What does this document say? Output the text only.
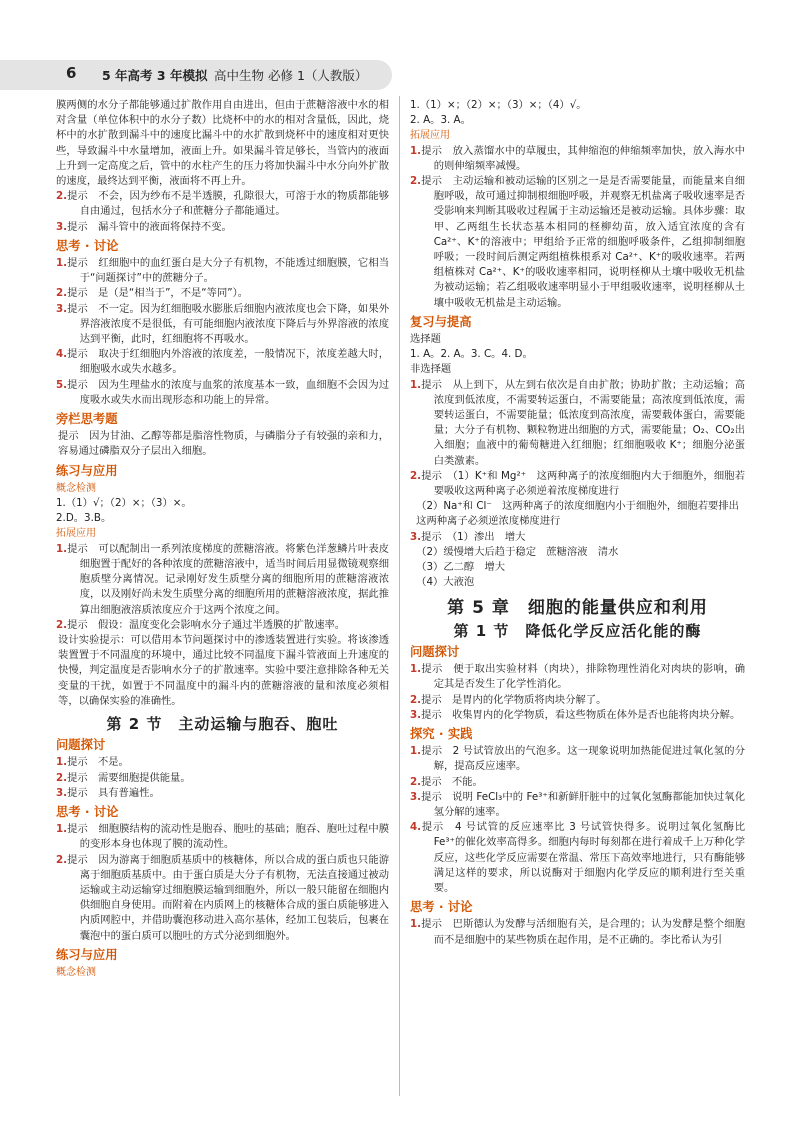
6 5 年高考 3 年模拟 高中生物 必修 1（人教版）

膜两侧的水分子都能够通过扩散作用自由进出，但由于蔗糖溶液中水的相对含量（单位体积中的水分子数）比烧杯中的水的相对含量低，因此，烧杯中的水扩散到漏斗中的速度比漏斗中的水扩散到烧杯中的速度相对更快些，导致漏斗中水量增加，液面上升。如果漏斗管足够长，当管内的液面上升到一定高度之后，管中的水柱产生的压力将加快漏斗中水分向外扩散的速度，最终达到平衡，液面将不再上升。

2.提示　不会，因为纱布不是半透膜，孔隙很大，可溶于水的物质都能够自由通过，包括水分子和蔗糖分子都能通过。

3.提示　漏斗管中的液面将保持不变。

思考 · 讨论

1.提示　红细胞中的血红蛋白是大分子有机物，不能透过细胞膜，它相当于“问题探讨”中的蔗糖分子。

2.提示　是（是“相当于”，不是“等同”）。

3.提示　不一定。因为红细胞吸水膨胀后细胞内液浓度也会下降，如果外界溶液浓度不是很低，有可能细胞内液浓度下降后与外界溶液的浓度达到平衡，此时，红细胞将不再吸水。

4.提示　取决于红细胞内外溶液的浓度差，一般情况下，浓度差越大时，细胞吸水或失水越多。

5.提示　因为生理盐水的浓度与血浆的浓度基本一致，血细胞不会因为过度吸水或失水而出现形态和功能上的异常。

旁栏思考题

提示　因为甘油、乙醇等都是脂溶性物质，与磷脂分子有较强的亲和力，容易通过磷脂双分子层出入细胞。

练习与应用

概念检测

1.（1）√；（2）×；（3）×。

2.D。3.B。

拓展应用

1.提示　可以配制出一系列浓度梯度的蔗糖溶液。将紫色洋葱鳞片叶表皮细胞置于配好的各种浓度的蔗糖溶液中，适当时间后用显微镜观察细胞质壁分离情况。记录刚好发生质壁分离的细胞所用的蔗糖溶液浓度，以及刚好尚未发生质壁分离的细胞所用的蔗糖溶液浓度，据此推算出细胞液溶质浓度应介于这两个浓度之间。

2.提示　假设：温度变化会影响水分子通过半透膜的扩散速率。

设计实验提示：可以借用本节问题探讨中的渗透装置进行实验。将该渗透装置置于不同温度的环境中，通过比较不同温度下漏斗管液面上升速度的快慢，判定温度是否影响水分子的扩散速率。实验中要注意排除各种无关变量的干扰，如置于不同温度中的漏斗内的蔗糖溶液的量和浓度必须相等，以确保实验的准确性。

第 2 节　主动运输与胞吞、胞吐
问题探讨

1.提示　不是。

2.提示　需要细胞提供能量。

3.提示　具有普遍性。

思考 · 讨论

1.提示　细胞膜结构的流动性是胞吞、胞吐的基础；胞吞、胞吐过程中膜的变形本身也体现了膜的流动性。

2.提示　因为游离于细胞质基质中的核糖体，所以合成的蛋白质也只能游离于细胞质基质中。由于蛋白质是大分子有机物，无法直接通过被动运输或主动运输穿过细胞膜运输到细胞外，所以一般只能留在细胞内供细胞自身使用。而附着在内质网上的核糖体合成的蛋白质能够进入内质网腔中，并借助囊泡移动进入高尔基体，经加工包装后，包裹在囊泡中的蛋白质可以胞吐的方式分泌到细胞外。

练习与应用

概念检测

1.（1）×；（2）×；（3）×；（4）√。

2. A。3. A。

拓展应用

1.提示　放入蒸馏水中的草履虫，其伸缩泡的伸缩频率加快，放入海水中的则伸缩频率减慢。

2.提示　主动运输和被动运输的区别之一是是否需要能量，而能量来自细胞呼吸，故可通过抑制根细胞呼吸，并观察无机盐离子吸收速率是否受影响来判断其吸收过程属于主动运输还是被动运输。具体步骤：取甲、乙两组生长状态基本相同的柽柳幼苗，放入适宜浓度的含有 Ca²⁺、K⁺的溶液中；甲组给予正常的细胞呼吸条件，乙组抑制细胞呼吸；一段时间后测定两组植株根系对 Ca²⁺、K⁺的吸收速率。若两组植株对 Ca²⁺、K⁺的吸收速率相同，说明柽柳从土壤中吸收无机盐为被动运输；若乙组吸收速率明显小于甲组吸收速率，说明柽柳从土壤中吸收无机盐是主动运输。

复习与提高

选择题

1. A。2. A。3. C。4. D。

非选择题

1.提示　从上到下，从左到右依次是自由扩散；协助扩散；主动运输；高浓度到低浓度，不需要转运蛋白，不需要能量；高浓度到低浓度，需要转运蛋白，不需要能量；低浓度到高浓度，需要载体蛋白，需要能量；大分子有机物、颗粒物进出细胞的方式，需要能量；O₂、CO₂出入细胞；血液中的葡萄糖进入红细胞；红细胞吸收 K⁺；细胞分泌蛋白类激素。

2.提示　（1）K⁺和 Mg²⁺　这两种离子的浓度细胞内大于细胞外，细胞若要吸收这两种离子必须逆着浓度梯度进行

（2）Na⁺和 Cl⁻　这两种离子的浓度细胞内小于细胞外，细胞若要排出这两种离子必须逆浓度梯度进行

3.提示　（1）渗出　增大

（2）缓慢增大后趋于稳定　蔗糖溶液　清水

（3）乙二醇　增大

（4）大液泡

第 5 章　细胞的能量供应和利用
第 1 节　降低化学反应活化能的酶
问题探讨

1.提示　便于取出实验材料（肉块），排除物理性消化对肉块的影响，确定其是否发生了化学性消化。

2.提示　是胃内的化学物质将肉块分解了。

3.提示　收集胃内的化学物质，看这些物质在体外是否也能将肉块分解。

探究 · 实践

1.提示　2 号试管放出的气泡多。这一现象说明加热能促进过氧化氢的分解，提高反应速率。

2.提示　不能。

3.提示　说明 FeCl₃中的 Fe³⁺和新鲜肝脏中的过氧化氢酶都能加快过氧化氢分解的速率。

4.提示　4 号试管的反应速率比 3 号试管快得多。说明过氧化氢酶比 Fe³⁺的催化效率高得多。细胞内每时每刻都在进行着成千上万种化学反应，这些化学反应需要在常温、常压下高效率地进行，只有酶能够满足这样的要求，所以说酶对于细胞内化学反应的顺利进行至关重要。

思考 · 讨论

1.提示　巴斯德认为发酵与活细胞有关，是合理的；认为发酵是整个细胞而不是细胞中的某些物质在起作用，是不正确的。李比希认为引
